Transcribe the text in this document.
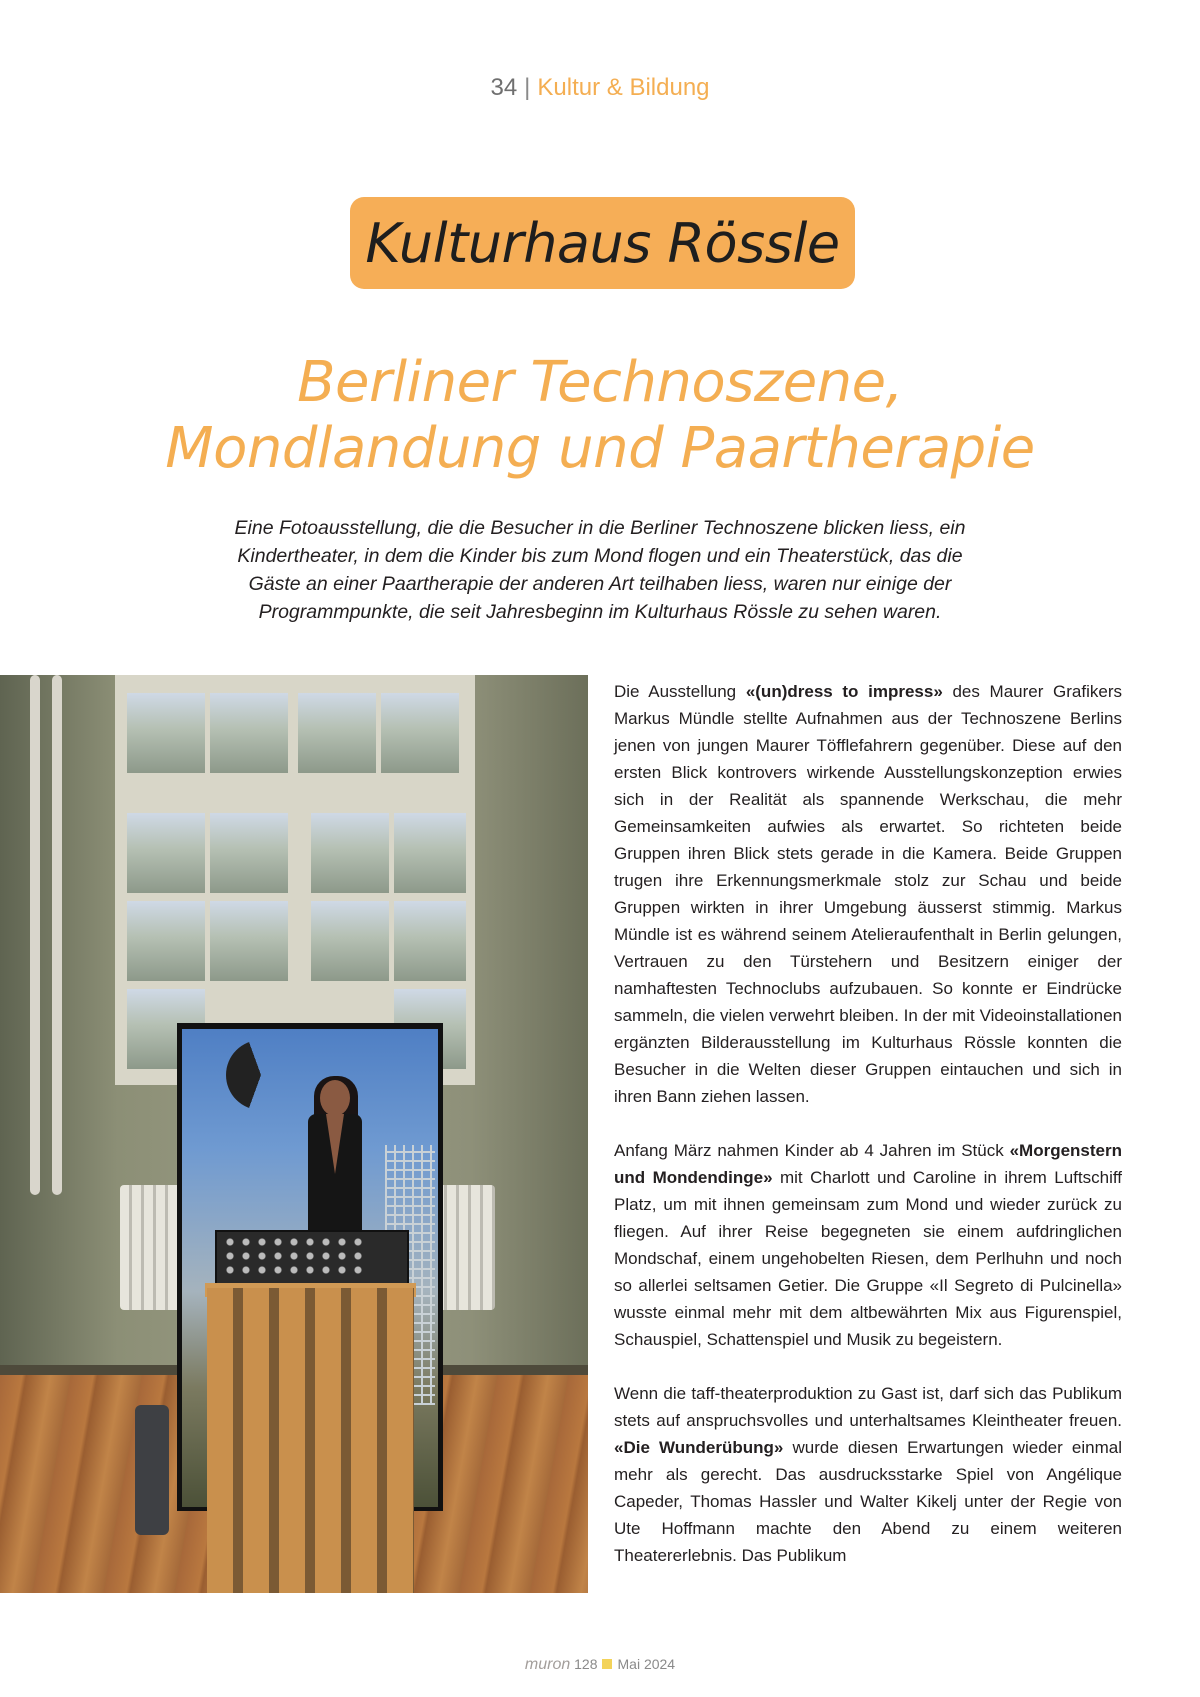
34 | Kultur & Bildung
Kulturhaus Rössle
Berliner Technoszene,
Mondlandung und Paartherapie
Eine Fotoausstellung, die die Besucher in die Berliner Technoszene blicken liess, ein
Kindertheater, in dem die Kinder bis zum Mond flogen und ein Theaterstück, das die
Gäste an einer Paartherapie der anderen Art teilhaben liess, waren nur einige der
Programmpunkte, die seit Jahresbeginn im Kulturhaus Rössle zu sehen waren.

Die Ausstellung «(un)dress to impress» des Maurer Grafikers Markus Mündle stellte Aufnahmen aus der Technoszene Berlins jenen von jungen Maurer Töfflefahrern gegenüber. Diese auf den ersten Blick kontrovers wirkende Ausstellungskonzeption erwies sich in der Realität als spannende Werkschau, die mehr Gemeinsamkeiten aufwies als erwartet. So richteten beide Gruppen ihren Blick stets gerade in die Kamera. Beide Gruppen trugen ihre Erkennungsmerkmale stolz zur Schau und beide Gruppen wirkten in ihrer Umgebung äusserst stimmig. Markus Mündle ist es während seinem Atelieraufenthalt in Berlin gelungen, Vertrauen zu den Türstehern und Besitzern einiger der namhaftesten Technoclubs aufzubauen. So konnte er Eindrücke sammeln, die vielen verwehrt bleiben. In der mit Videoinstallationen ergänzten Bilderausstellung im Kulturhaus Rössle konnten die Besucher in die Welten dieser Gruppen eintauchen und sich in ihren Bann ziehen lassen.

Anfang März nahmen Kinder ab 4 Jahren im Stück «Morgenstern und Mondendinge» mit Charlott und Caroline in ihrem Luftschiff Platz, um mit ihnen gemeinsam zum Mond und wieder zurück zu fliegen. Auf ihrer Reise begegneten sie einem aufdringlichen Mondschaf, einem ungehobelten Riesen, dem Perlhuhn und noch so allerlei seltsamen Getier. Die Gruppe «Il Segreto di Pulcinella» wusste einmal mehr mit dem altbewährten Mix aus Figurenspiel, Schauspiel, Schattenspiel und Musik zu begeistern.

Wenn die taff-theaterproduktion zu Gast ist, darf sich das Publikum stets auf anspruchsvolles und unterhaltsames Kleintheater freuen. «Die Wunderübung» wurde diesen Erwartungen wieder einmal mehr als gerecht. Das ausdrucksstarke Spiel von Angélique Capeder, Thomas Hassler und Walter Kikelj unter der Regie von Ute Hoffmann machte den Abend zu einem weiteren Theatererlebnis. Das Publikum

muron 128 Mai 2024
